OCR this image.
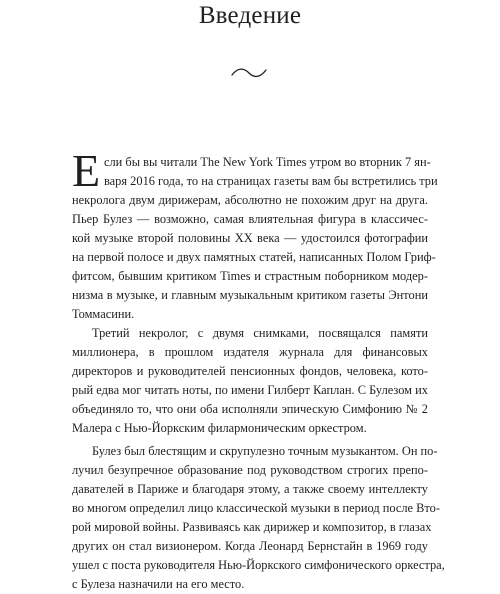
Введение
Е сли бы вы читали The New York Times утром во вторник 7 ян-
варя 2016 года, то на страницах газеты вам бы встретились три
некролога двум дирижерам, абсолютно не похожим друг на друга.
Пьер Булез — возможно, самая влиятельная фигура в классичес-
кой музыке второй половины XX века — удостоился фотографии
на первой полосе и двух памятных статей, написанных Полом Гриф-
фитсом, бывшим критиком Times и страстным поборником модер-
низма в музыке, и главным музыкальным критиком газеты Энтони
Томмасини.
Третий некролог, с двумя снимками, посвящался памяти
миллионера, в прошлом издателя журнала для финансовых
директоров и руководителей пенсионных фондов, человека, кото-
рый едва мог читать ноты, по имени Гилберт Каплан. С Булезом их
объединяло то, что они оба исполняли эпическую Симфонию № 2
Малера с Нью-Йоркским филармоническим оркестром.
Булез был блестящим и скрупулезно точным музыкантом. Он по-
лучил безупречное образование под руководством строгих препо-
давателей в Париже и благодаря этому, а также своему интеллекту
во многом определил лицо классической музыки в период после Вто-
рой мировой войны. Развиваясь как дирижер и композитор, в глазах
других он стал визионером. Когда Леонард Бернстайн в 1969 году
ушел с поста руководителя Нью-Йоркского симфонического оркестра,
с Булеза назначили на его место.
